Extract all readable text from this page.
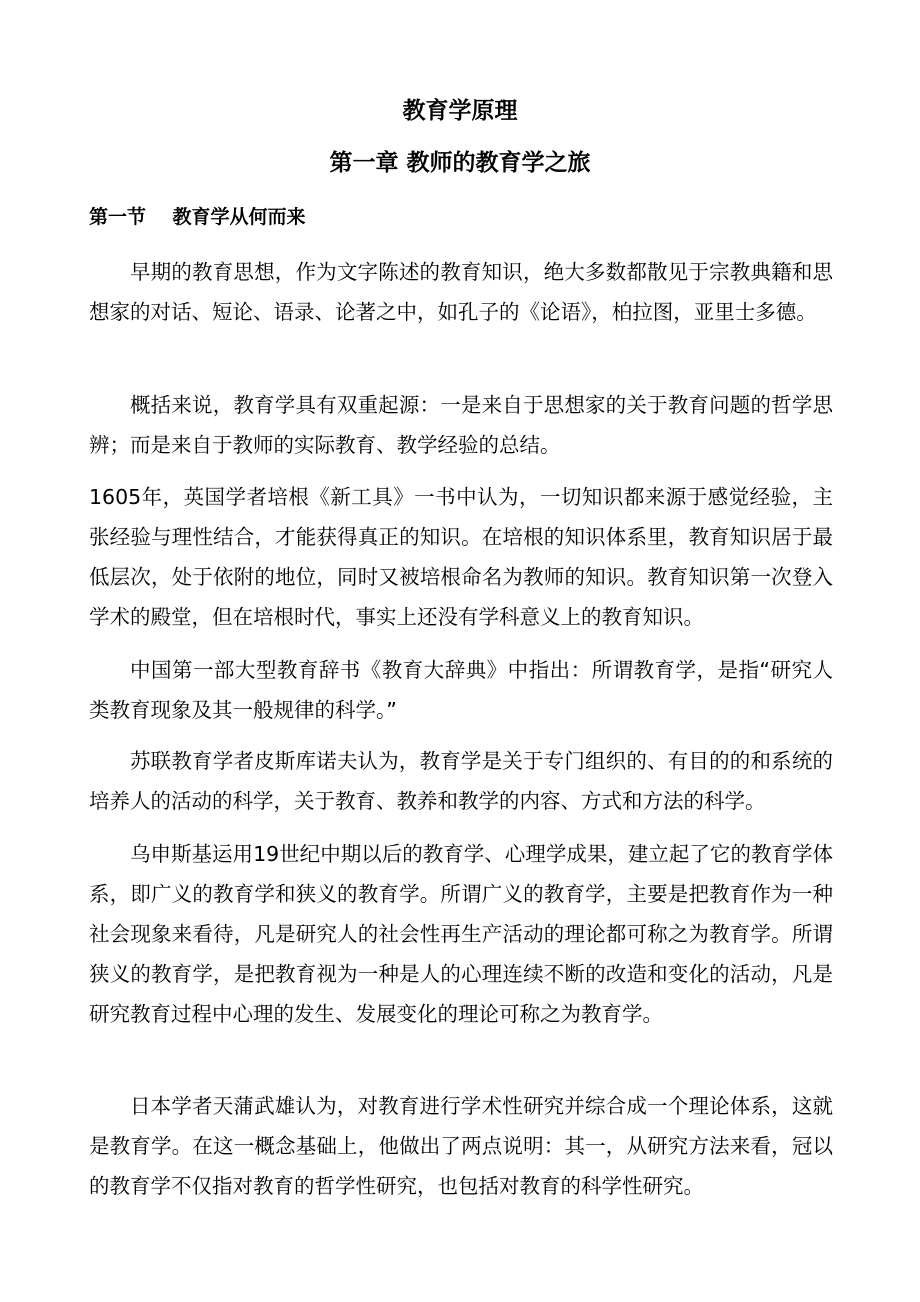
教育学原理
第一章 教师的教育学之旅
第一节    教育学从何而来

早期的教育思想，作为文字陈述的教育知识，绝大多数都散见于宗教典籍和思想家的对话、短论、语录、论著之中，如孔子的《论语》，柏拉图，亚里士多德。

概括来说，教育学具有双重起源：一是来自于思想家的关于教育问题的哲学思辨；而是来自于教师的实际教育、教学经验的总结。

1605年，英国学者培根《新工具》一书中认为，一切知识都来源于感觉经验，主张经验与理性结合，才能获得真正的知识。在培根的知识体系里，教育知识居于最低层次，处于依附的地位，同时又被培根命名为教师的知识。教育知识第一次登入学术的殿堂，但在培根时代，事实上还没有学科意义上的教育知识。

中国第一部大型教育辞书《教育大辞典》中指出：所谓教育学，是指“研究人类教育现象及其一般规律的科学。”

苏联教育学者皮斯库诺夫认为，教育学是关于专门组织的、有目的的和系统的培养人的活动的科学，关于教育、教养和教学的内容、方式和方法的科学。

乌申斯基运用19世纪中期以后的教育学、心理学成果，建立起了它的教育学体系，即广义的教育学和狭义的教育学。所谓广义的教育学，主要是把教育作为一种社会现象来看待，凡是研究人的社会性再生产活动的理论都可称之为教育学。所谓狭义的教育学，是把教育视为一种是人的心理连续不断的改造和变化的活动，凡是研究教育过程中心理的发生、发展变化的理论可称之为教育学。

日本学者天蒲武雄认为，对教育进行学术性研究并综合成一个理论体系，这就是教育学。在这一概念基础上，他做出了两点说明：其一，从研究方法来看，冠以的教育学不仅指对教育的哲学性研究，也包括对教育的科学性研究。
